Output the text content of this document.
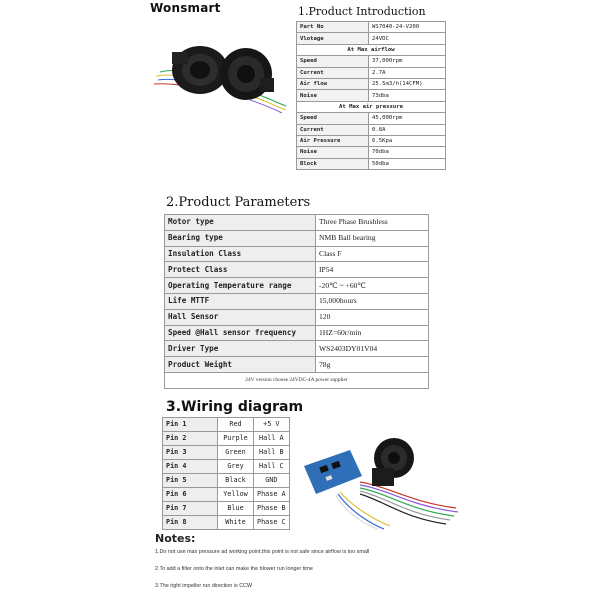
Wonsmart	1.Product Introduction
Part No	WS7040-24-V200
Vlotage	24VDC
At Max airflow	
Speed	37,000rpm
Current	2.7A
Air flow	25.5m3/h(14CFM)
Noise	73dba
At Max air pressure	
Speed	45,000rpm
Current	0.8A
Air Pressure	6.5Kpa
Noise	70dba
Block	50dba
2.Product Parameters
Motor type	Three Phase Brushless
Bearing type	NMB Ball bearing
Insulation Class	Class F
Protect Class	IP54
Operating Temperature range	-20℃ ~ +60℃
Life MTTF	15,000hours
Hall Sensor	120
Speed @Hall sensor frequency	1HZ=60r/min
Driver Type	WS2403DY01V04
Product Weight	78g
24V version choose 24VDC-4A power supplier	
3.Wiring diagram
Pin 1	Red	+5 V
Pin 2	Purple	Hall A
Pin 3	Green	Hall B
Pin 4	Grey	Hall C
Pin 5	Black	GND
Pin 6	Yellow	Phase A
Pin 7	Blue	Phase B
Pin 8	White	Phase C
Notes:
1.Do not use max pressure ad working point,this point is not safe since airflow is too small
2.To add a filter onto the inlet can make the blower run longer time
3.The right impeller run direction is CCW
